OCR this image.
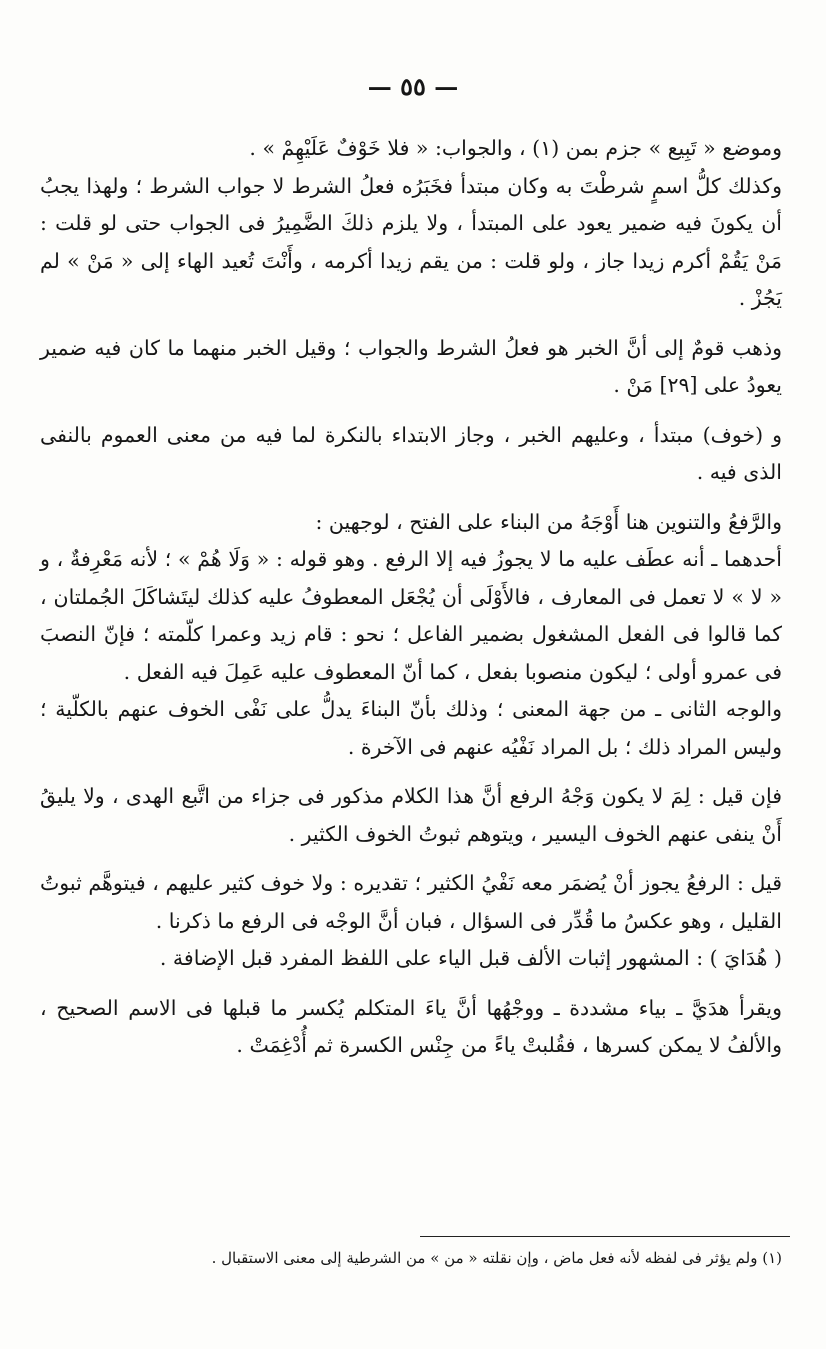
— ٥٥ —

وموضع « تَبِيع » جزم بمن (١) ، والجواب: « فلا خَوْفٌ عَلَيْهِمْ » .

وكذلك كلُّ اسمٍ شرطْتَ به وكان مبتدأ فخَبَرُه فعلُ الشرط لا جواب الشرط ؛ ولهذا يجبُ أن يكونَ فيه ضمير يعود على المبتدأ ، ولا يلزم ذلكَ الضَّمِيرُ فى الجواب حتى لو قلت : مَنْ يَقُمْ أكرم زيدا جاز ، ولو قلت : من يقم زيدا أكرمه ، وأَنْتَ تُعيد الهاء إلى « مَنْ » لم يَجُزْ .

وذهب قومٌ إلى أنَّ الخبر هو فعلُ الشرط والجواب ؛ وقيل الخبر منهما ما كان فيه ضمير يعودُ على [٢٩] مَنْ .

و (خوف) مبتدأ ، وعليهم الخبر ، وجاز الابتداء بالنكرة لما فيه من معنى العموم بالنفى الذى فيه .

والرَّفعُ والتنوين هنا أَوْجَهُ من البناء على الفتح ، لوجهين :

أحدهما ـ أنه عطَف عليه ما لا يجوزُ فيه إلا الرفع . وهو قوله : « وَلَا هُمْ » ؛ لأنه مَعْرِفةٌ ، و « لا » لا تعمل فى المعارف ، فالأَوْلَى أن يُجْعَل المعطوفُ عليه كذلك ليتَشاكَلَ الجُملتان ، كما قالوا فى الفعل المشغول بضمير الفاعل ؛ نحو : قام زيد وعمرا كلّمته ؛ فإنّ النصبَ فى عمرو أولى ؛ ليكون منصوبا بفعل ، كما أنّ المعطوف عليه عَمِلَ فيه الفعل .

والوجه الثانى ـ من جهة المعنى ؛ وذلك بأنّ البناءَ يدلُّ على نَفْى الخوف عنهم بالكلّية ؛ وليس المراد ذلك ؛ بل المراد نَفْيُه عنهم فى الآخرة .

فإن قيل : لِمَ لا يكون وَجْهُ الرفع أنَّ هذا الكلام مذكور فى جزاء من اتَّبع الهدى ، ولا يليقُ أَنْ ينفى عنهم الخوف اليسير ، ويتوهم ثبوتُ الخوف الكثير .

قيل : الرفعُ يجوز أنْ يُضمَر معه نَفْيُ الكثير ؛ تقديره : ولا خوف كثير عليهم ، فيتوهَّم ثبوتُ القليل ، وهو عكسُ ما قُدِّر فى السؤال ، فبان أنَّ الوجْه فى الرفع ما ذكرنا .

( هُدَايَ ) : المشهور إثبات الألف قبل الياء على اللفظ المفرد قبل الإضافة .

ويقرأ هدَيَّ ـ بياء مشددة ـ ووجْهُها أنَّ ياءَ المتكلم يُكسر ما قبلها فى الاسم الصحيح ، والألفُ لا يمكن كسرها ، فقُلبتْ ياءً من جِنْس الكسرة ثم أُدْغِمَتْ .

(١) ولم يؤثر فى لفظه لأنه فعل ماض ، وإن نقلته « من » من الشرطية إلى معنى الاستقبال .
